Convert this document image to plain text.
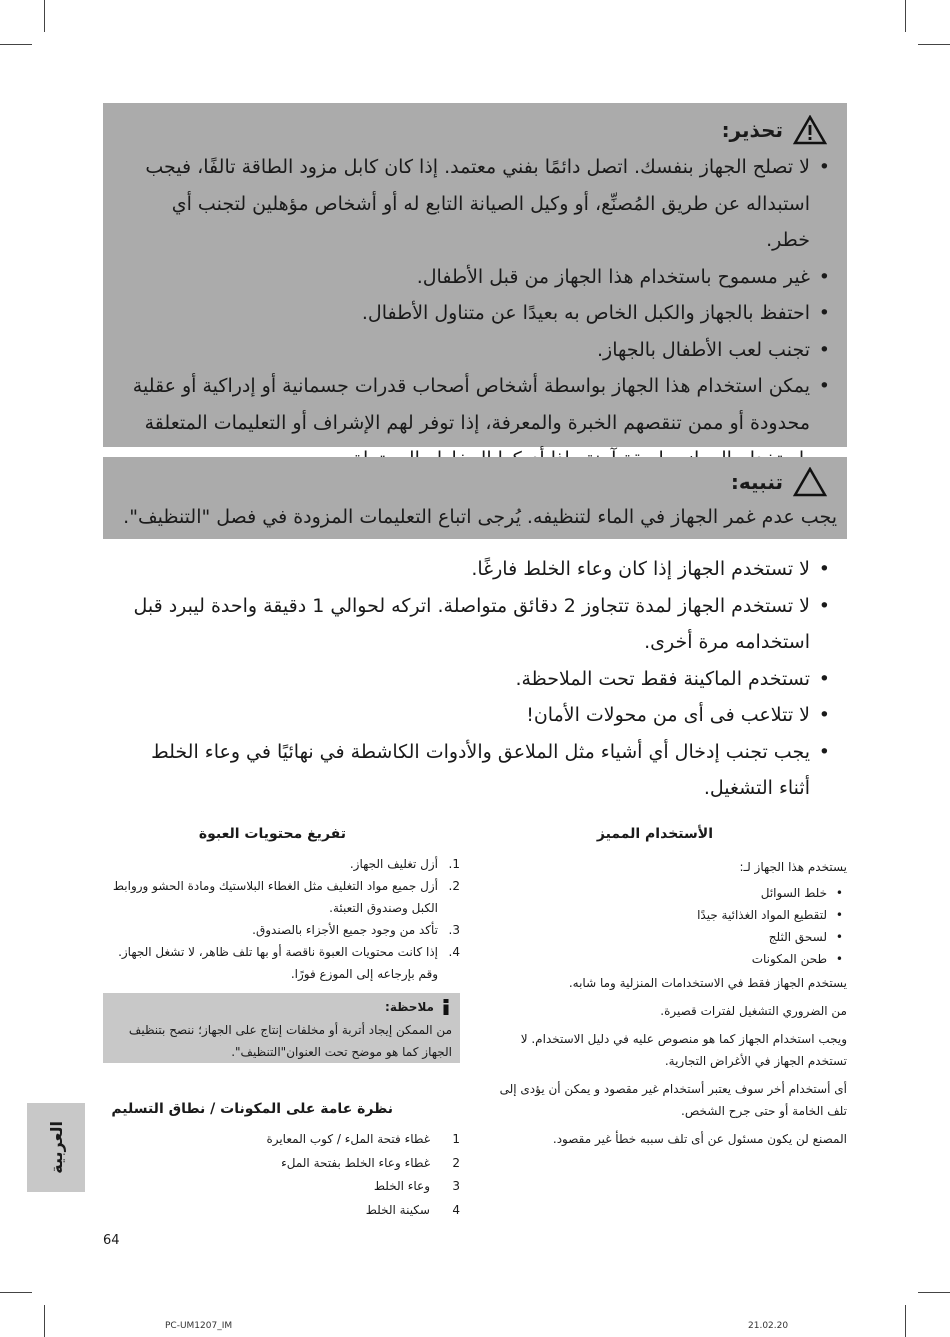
تحذير:
• لا تصلح الجهاز بنفسك. اتصل دائمًا بفني معتمد. إذا كان كابل مزود الطاقة تالفًا، فيجب استبداله عن طريق المُصنِّع، أو وكيل الصيانة التابع له أو أشخاص مؤهلين لتجنب أي خطر.
• غير مسموح باستخدام هذا الجهاز من قبل الأطفال.
• احتفظ بالجهاز والكبل الخاص به بعيدًا عن متناول الأطفال.
• تجنب لعب الأطفال بالجهاز.
• يمكن استخدام هذا الجهاز بواسطة أشخاص أصحاب قدرات جسمانية أو إدراكية أو عقلية محدودة أو ممن تنقصهم الخبرة والمعرفة، إذا توفر لهم الإشراف أو التعليمات المتعلقة
تنبيه:
يجب عدم غمر الجهاز في الماء لتنظيفه. يُرجى اتباع التعليمات المزودة في فصل "التنظيف".
• لا تستخدم الجهاز إذا كان وعاء الخلط فارغًا.
• لا تستخدم الجهاز لمدة تتجاوز 2 دقائق متواصلة. اتركه لحوالي 1 دقيقة واحدة ليبرد قبل استخدامه مرة أخرى.
• تستخدم الماكينة فقط تحت الملاحظة.
• لا تتلاعب فى أى من محولات الأمان!
• يجب تجنب إدخال أي أشياء مثل الملاعق والأدوات الكاشطة في نهائيًا في وعاء الخلط أثناء التشغيل.
الأستخدام المميز
يستخدم هذا الجهاز لـ:
•
خلط السوائل
•
لتقطيع المواد الغذائية جيدًا
•
لسحق الثلج
•
طحن المكونات
يستخدم الجهاز فقط في الاستخدامات المنزلية وما شابه.
من الضروري التشغيل لفترات قصيرة.
ويجب استخدام الجهاز كما هو منصوص عليه في دليل الاستخدام. لا تستخدم الجهاز في الأغراض التجارية.
أى أستخدام أخر سوف يعتبر أستخدام غير مقصود و يمكن أن يؤدى إلى تلف الخامة أو حتى جرح الشخص.
المصنع لن يكون مسئول عن أى تلف سببه خطأ غير مقصود.
تفريغ محتويات العبوة
1.
أزل تغليف الجهاز.
2.
أزل جميع مواد التغليف مثل الغطاء البلاستيك ومادة الحشو وروابط الكبل وصندوق التعبئة.
3.
تأكد من وجود جميع الأجزاء بالصندوق.
4.
إذا كانت محتويات العبوة ناقصة أو بها تلف ظاهر، لا تشغل الجهاز. وقم بإرجاعه إلى الموزع فورًا.
ملاحظة:
من الممكن إيجاد أتربة أو مخلفات إنتاج على الجهاز؛ ننصح بتنظيف الجهاز كما هو موضح تحت العنوان"التنظيف".
نظرة عامة على المكونات / نطاق التسليم
1
غطاء فتحة الملء / كوب المعايرة
2
غطاء وعاء الخلط بفتحة الملء
3
وعاء الخلط
4
سكينة الخلط
العربية
64
PC-UM1207_IM	21.02.20
